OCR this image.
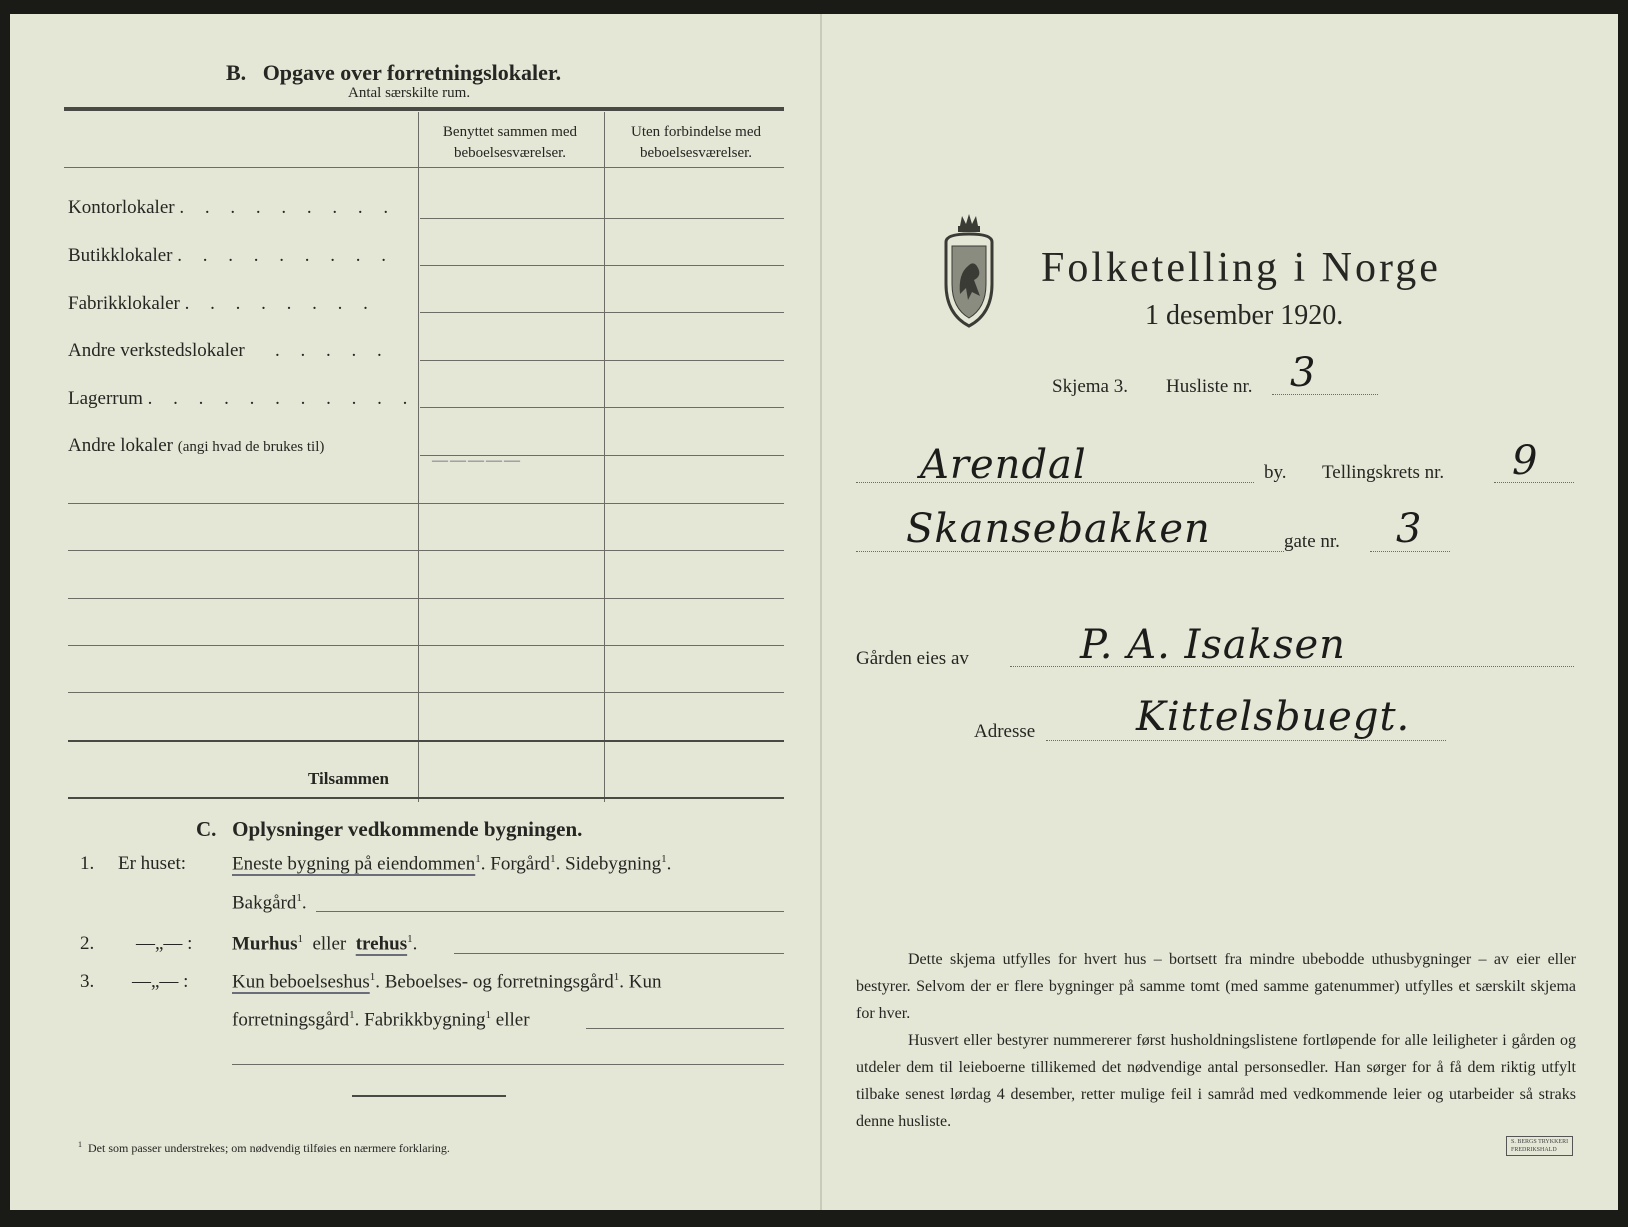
B. Opgave over forretningslokaler.
Antal særskilte rum.
Benyttet sammen med
beboelsesværelser.
Uten forbindelse med
beboelsesværelser.
Kontorlokaler . . . . . . . . .
Butikklokaler . . . . . . . . .
Fabrikklokaler . . . . . . . .
Andre verkstedslokaler   . . . . .
Lagerrum . . . . . . . . . . .
Andre lokaler (angi hvad de brukes til)
—————
Tilsammen
C. Oplysninger vedkommende bygningen.
1. Er huset: Eneste bygning på eiendommen$^1$. Forgård$^1$. Sidebygning$^1$.
Bakgård$^1$.
2. —„— : Murhus$^1$ eller trehus$^1$.
3. —„— : Kun beboelseshus$^1$. Beboelses- og forretningsgård$^1$. Kun
forretningsgård$^1$. Fabrikkbygning$^1$ eller
$^1$ Det som passer understrekes; om nødvendig tilføies en nærmere forklaring.
Folketelling i Norge
1 desember 1920.
Skjema 3. Husliste nr. 3
Arendal	by. Tellingskrets nr. 9
Skansebakken	gate nr. 3
Gården eies av	P. A. Isaksen
Adresse	Kittelsbuegt.
Dette skjema utfylles for hvert hus – bortsett fra mindre ubebodde uthusbygninger – av eier eller bestyrer. Selvom der er flere bygninger på samme tomt (med samme gatenummer) utfylles et særskilt skjema for hver.
Husvert eller bestyrer nummererer først husholdningslistene fortløpende for alle leiligheter i gården og utdeler dem til leieboerne tillikemed det nødvendige antal personsedler. Han sørger for å få dem riktig utfylt tilbake senest lørdag 4 desember, retter mulige feil i samråd med vedkommende leier og utarbeider så straks denne husliste.
S. BERGS TRYKKERI
FREDRIKSHALD
